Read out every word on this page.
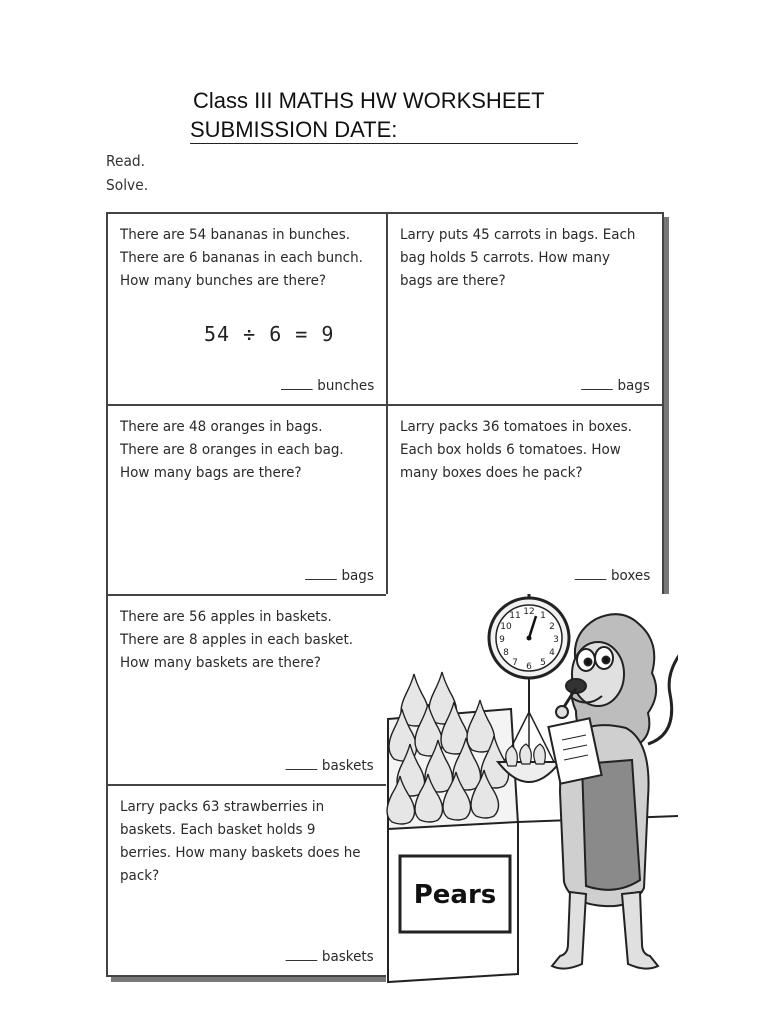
Class III MATHS HW WORKSHEET
SUBMISSION DATE:
Read.
Solve.
There are 54 bananas in bunches. There are 6 bananas in each bunch. How many bunches are there?
54 ÷ 6 = 9
bunches
Larry puts 45 carrots in bags. Each bag holds 5 carrots. How many bags are there?
bags
There are 48 oranges in bags. There are 8 oranges in each bag. How many bags are there?
bags
Larry packs 36 tomatoes in boxes. Each box holds 6 tomatoes. How many boxes does he pack?
boxes
There are 56 apples in baskets. There are 8 apples in each basket. How many baskets are there?
baskets
Larry packs 63 strawberries in baskets. Each basket holds 9 berries. How many baskets does he pack?
baskets
Pears
12 1
2
3
4
5
6
7
8
9
10
11
